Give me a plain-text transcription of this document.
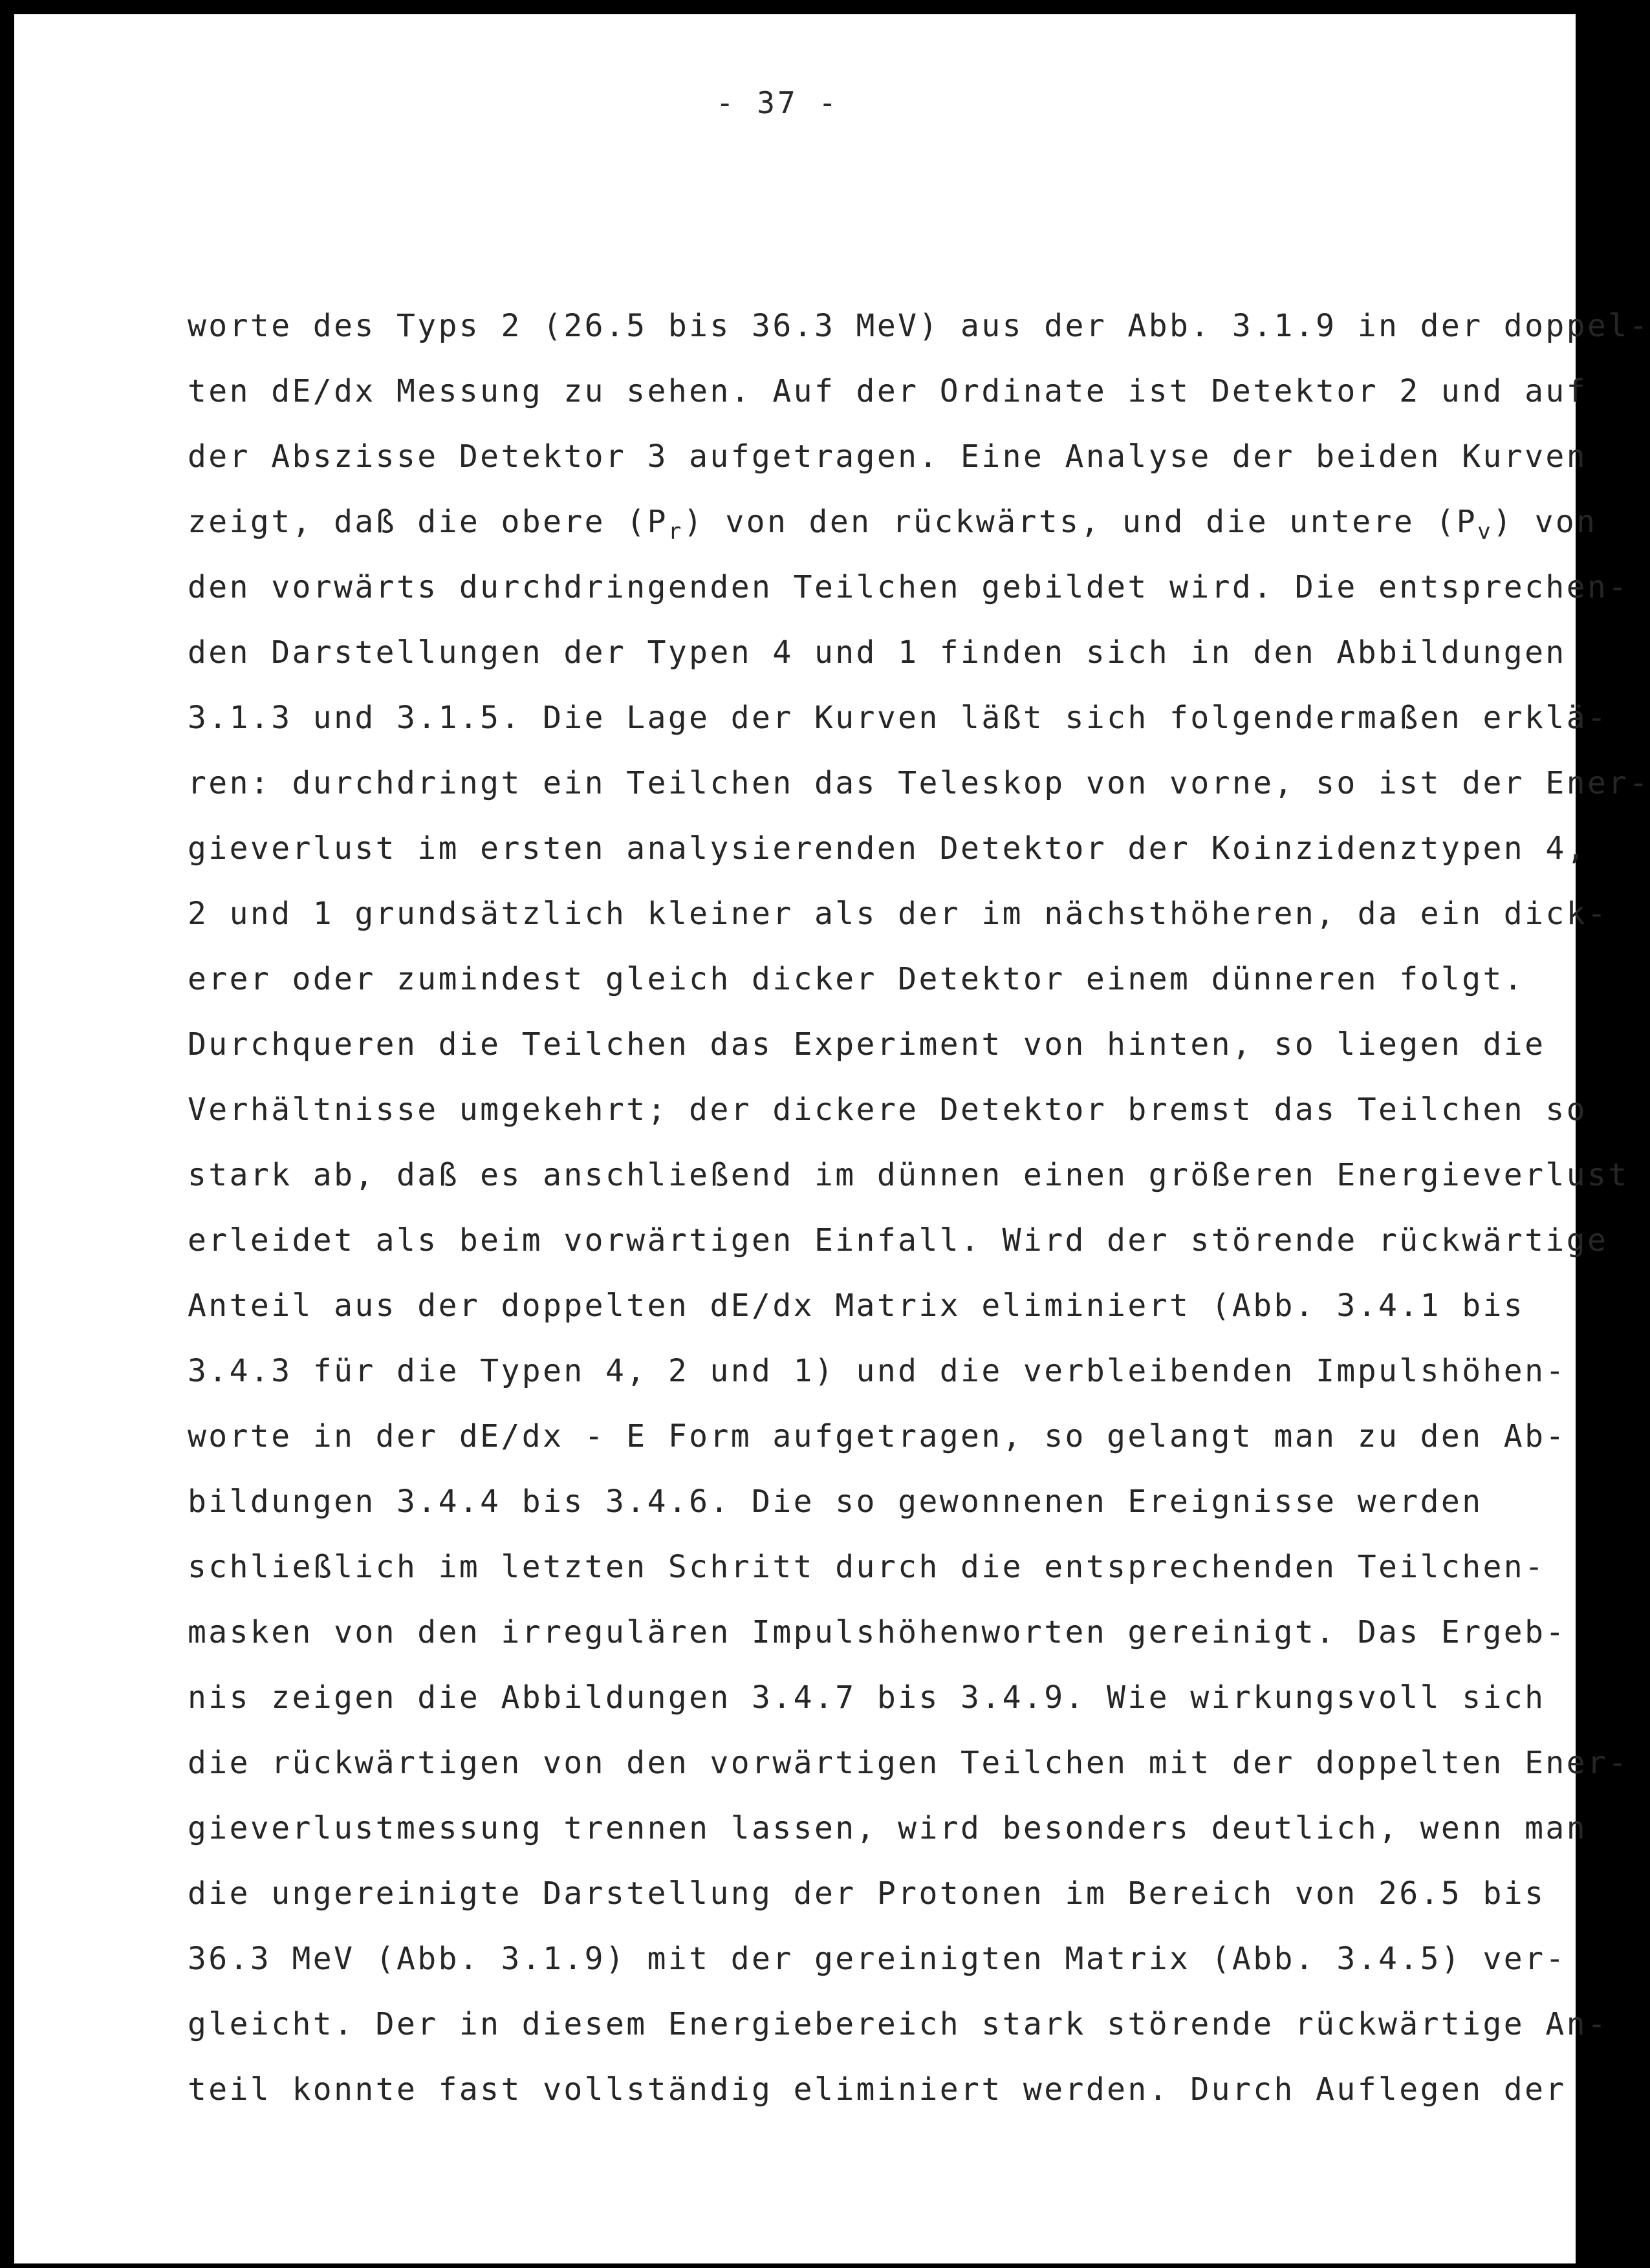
- 37 -
worte des Typs 2 (26.5 bis 36.3 MeV) aus der Abb. 3.1.9 in der doppel-
ten dE/dx Messung zu sehen. Auf der Ordinate ist Detektor 2 und auf
der Abszisse Detektor 3 aufgetragen. Eine Analyse der beiden Kurven
zeigt, daß die obere $(P_r)$ von den rückwärts, und die untere $(P_v)$ von
den vorwärts durchdringenden Teilchen gebildet wird. Die entsprechen-
den Darstellungen der Typen 4 und 1 finden sich in den Abbildungen
3.1.3 und 3.1.5. Die Lage der Kurven läßt sich folgendermaßen erklä-
ren: durchdringt ein Teilchen das Teleskop von vorne, so ist der Ener-
gieverlust im ersten analysierenden Detektor der Koinzidenztypen 4,
2 und 1 grundsätzlich kleiner als der im nächsthöheren, da ein dick-
erer oder zumindest gleich dicker Detektor einem dünneren folgt.
Durchqueren die Teilchen das Experiment von hinten, so liegen die
Verhältnisse umgekehrt; der dickere Detektor bremst das Teilchen so
stark ab, daß es anschließend im dünnen einen größeren Energieverlust
erleidet als beim vorwärtigen Einfall. Wird der störende rückwärtige
Anteil aus der doppelten dE/dx Matrix eliminiert (Abb. 3.4.1 bis
3.4.3 für die Typen 4, 2 und 1) und die verbleibenden Impulshöhen-
worte in der dE/dx - E Form aufgetragen, so gelangt man zu den Ab-
bildungen 3.4.4 bis 3.4.6. Die so gewonnenen Ereignisse werden
schließlich im letzten Schritt durch die entsprechenden Teilchen-
masken von den irregulären Impulshöhenworten gereinigt. Das Ergeb-
nis zeigen die Abbildungen 3.4.7 bis 3.4.9. Wie wirkungsvoll sich
die rückwärtigen von den vorwärtigen Teilchen mit der doppelten Ener-
gieverlustmessung trennen lassen, wird besonders deutlich, wenn man
die ungereinigte Darstellung der Protonen im Bereich von 26.5 bis
36.3 MeV (Abb. 3.1.9) mit der gereinigten Matrix (Abb. 3.4.5) ver-
gleicht. Der in diesem Energiebereich stark störende rückwärtige An-
teil konnte fast vollständig eliminiert werden. Durch Auflegen der
